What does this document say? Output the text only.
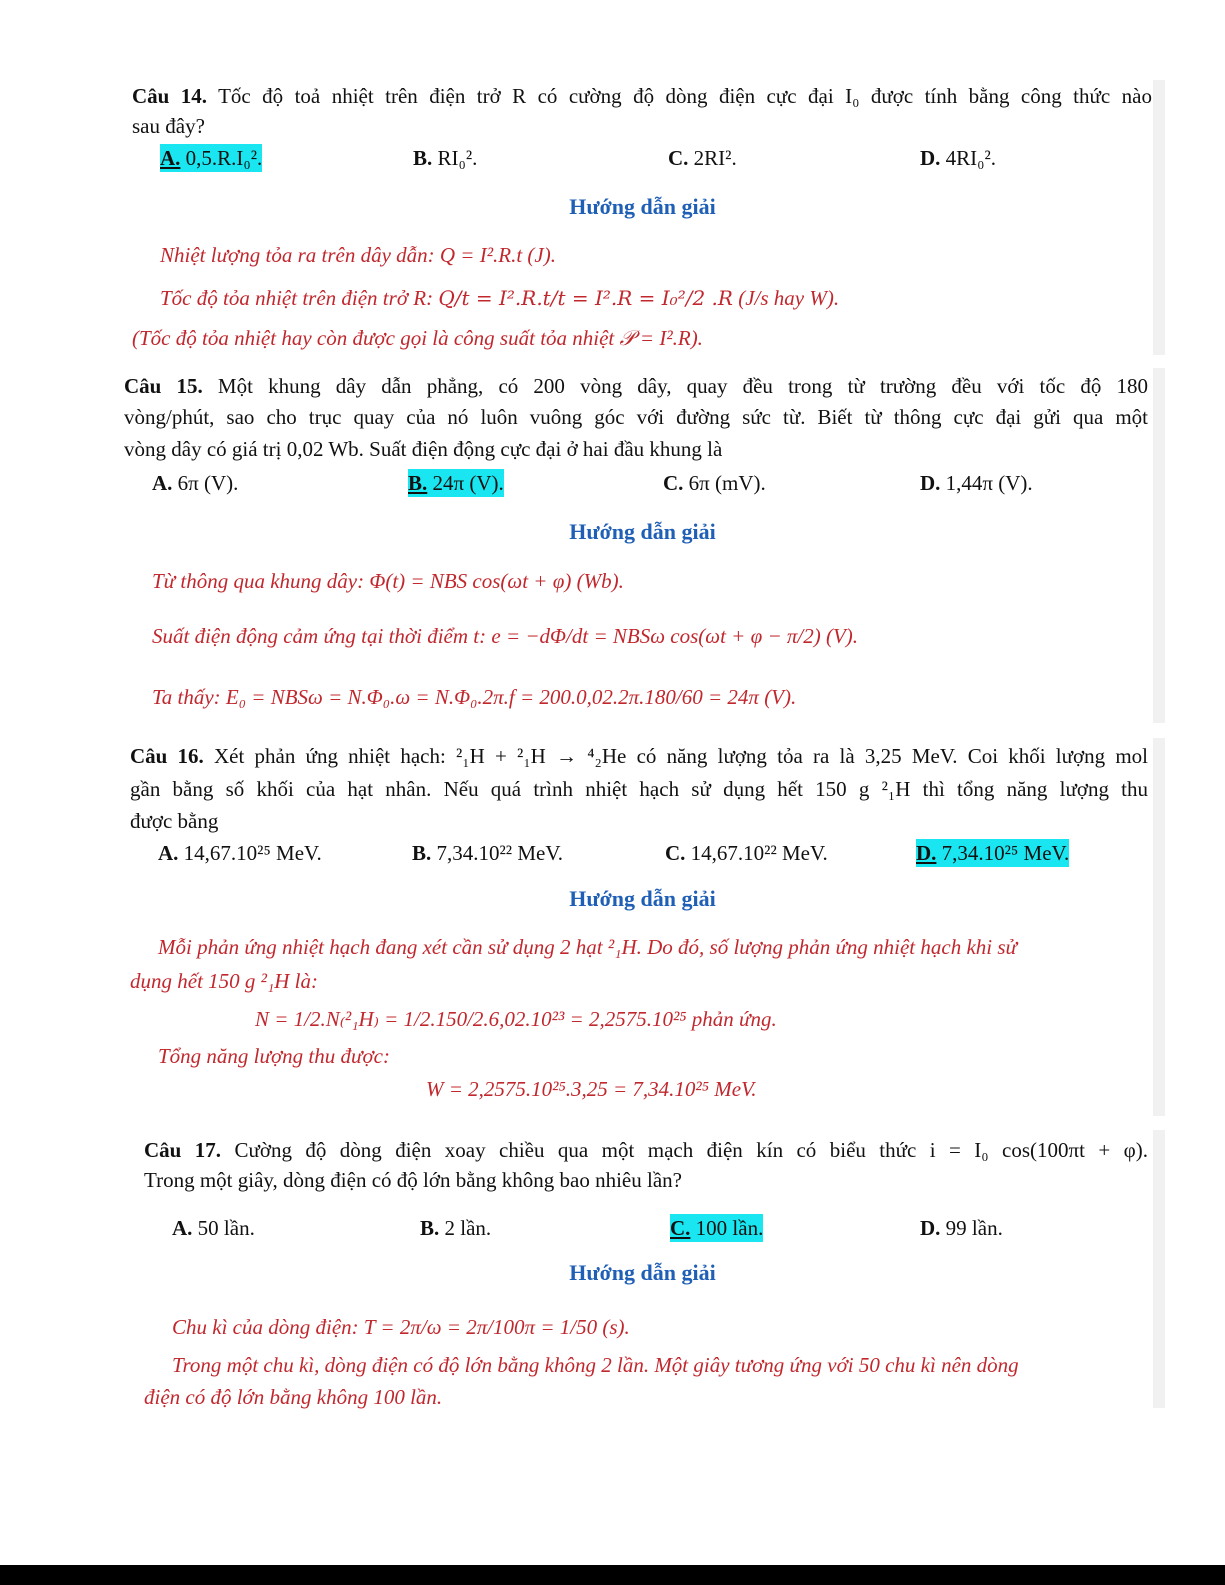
Câu 14. Tốc độ toả nhiệt trên điện trở R có cường độ dòng điện cực đại I₀ được tính bằng công thức nào
sau đây?
A. 0,5.R.I₀².	B. RI₀².	C. 2RI².	D. 4RI₀².
Hướng dẫn giải
Nhiệt lượng tỏa ra trên dây dẫn: Q = I².R.t (J).
Tốc độ tỏa nhiệt trên điện trở R: Q/t = I².R.t/t = I².R = I₀²/2 .R (J/s hay W).
(Tốc độ tỏa nhiệt hay còn được gọi là công suất tỏa nhiệt 𝒫 = I².R).
Câu 15. Một khung dây dẫn phẳng, có 200 vòng dây, quay đều trong từ trường đều với tốc độ 180
vòng/phút, sao cho trục quay của nó luôn vuông góc với đường sức từ. Biết từ thông cực đại gửi qua một
vòng dây có giá trị 0,02 Wb. Suất điện động cực đại ở hai đầu khung là
A. 6π (V).	B. 24π (V).	C. 6π (mV).	D. 1,44π (V).
Hướng dẫn giải
Từ thông qua khung dây: Φ(t) = NBS cos(ωt + φ) (Wb).
Suất điện động cảm ứng tại thời điểm t: e = −dΦ/dt = NBSω cos(ωt + φ − π/2) (V).
Ta thấy: E₀ = NBSω = N.Φ₀.ω = N.Φ₀.2π.f = 200.0,02.2π.180/60 = 24π (V).
Câu 16. Xét phản ứng nhiệt hạch: ²₁H + ²₁H → ⁴₂He có năng lượng tỏa ra là 3,25 MeV. Coi khối lượng mol
gần bằng số khối của hạt nhân. Nếu quá trình nhiệt hạch sử dụng hết 150 g ²₁H thì tổng năng lượng thu
được bằng
A. 14,67.10²⁵ MeV.	B. 7,34.10²² MeV.	C. 14,67.10²² MeV.	D. 7,34.10²⁵ MeV.
Hướng dẫn giải
Mỗi phản ứng nhiệt hạch đang xét cần sử dụng 2 hạt ²₁H. Do đó, số lượng phản ứng nhiệt hạch khi sử
dụng hết 150 g ²₁H là:
N = 1/2.N₍²₁H₎ = 1/2.150/2.6,02.10²³ = 2,2575.10²⁵ phản ứng.
Tổng năng lượng thu được:
W = 2,2575.10²⁵.3,25 = 7,34.10²⁵ MeV.
Câu 17. Cường độ dòng điện xoay chiều qua một mạch điện kín có biểu thức i = I₀ cos(100πt + φ).
Trong một giây, dòng điện có độ lớn bằng không bao nhiêu lần?
A. 50 lần.	B. 2 lần.	C. 100 lần.	D. 99 lần.
Hướng dẫn giải
Chu kì của dòng điện: T = 2π/ω = 2π/100π = 1/50 (s).
Trong một chu kì, dòng điện có độ lớn bằng không 2 lần. Một giây tương ứng với 50 chu kì nên dòng
điện có độ lớn bằng không 100 lần.
